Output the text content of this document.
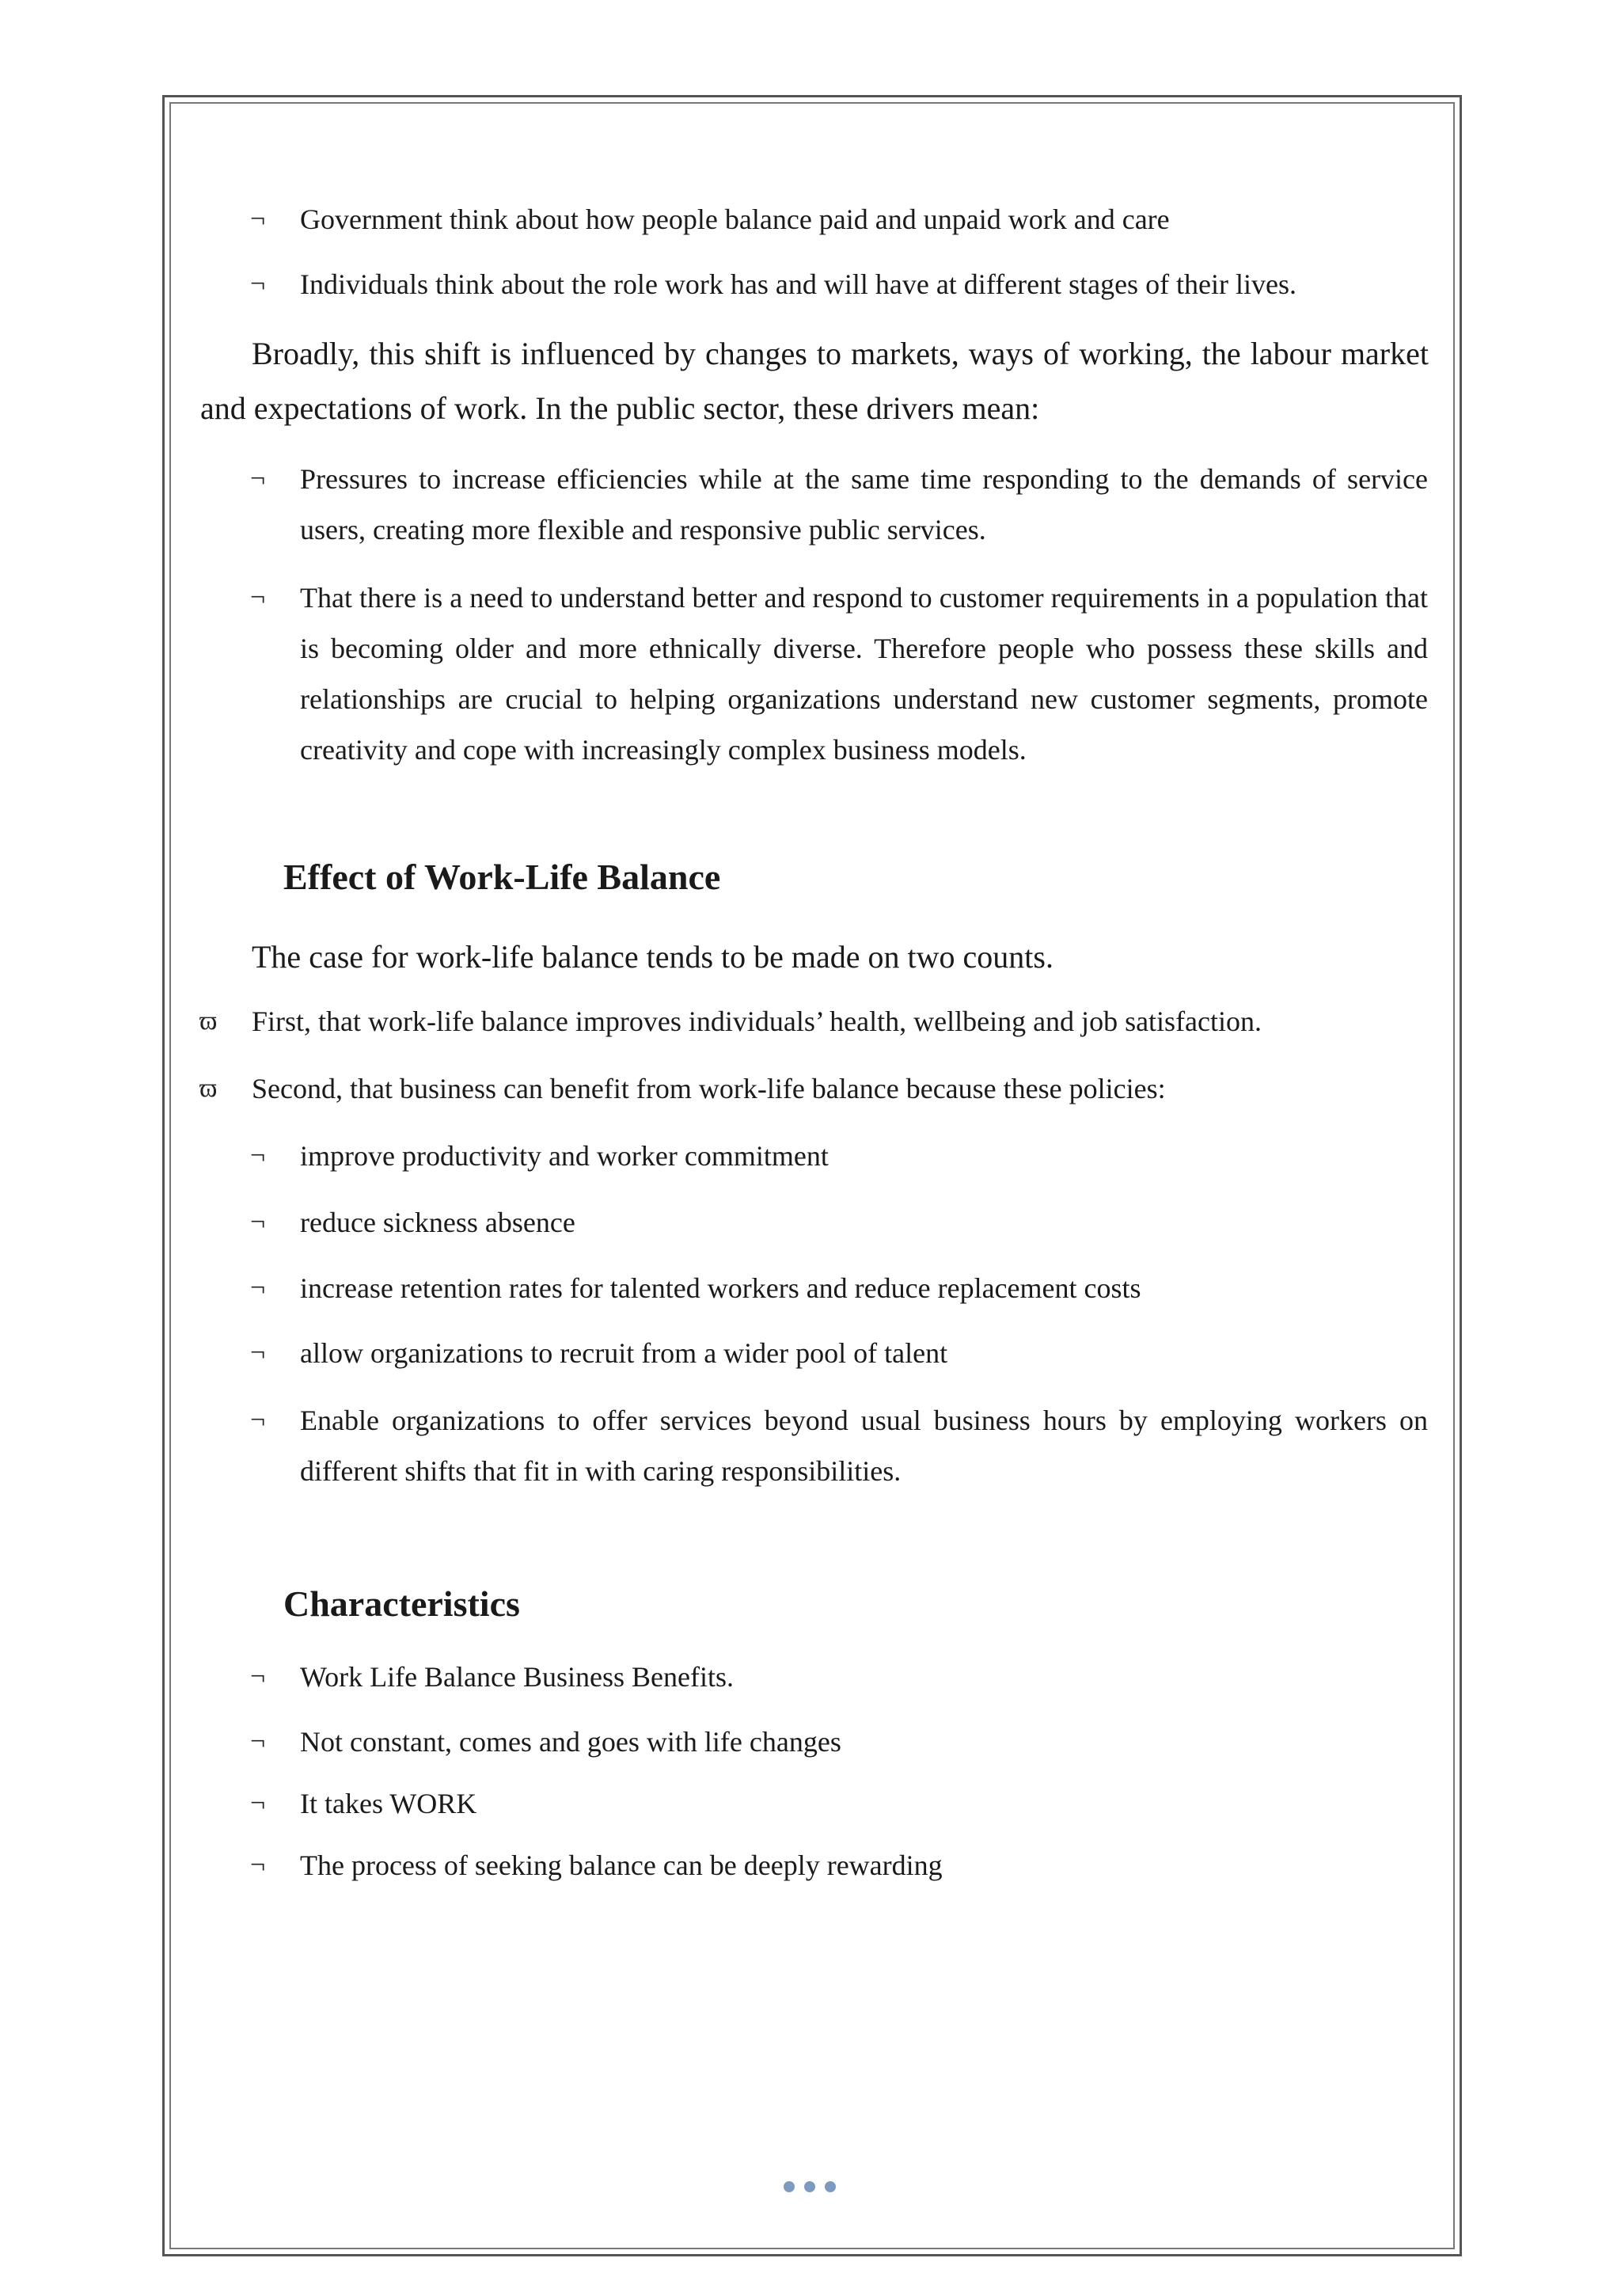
¬ Government think about how people balance paid and unpaid work and care
¬ Individuals think about the role work has and will have at different stages of their lives.
Broadly, this shift is influenced by changes to markets, ways of working, the labour market and expectations of work. In the public sector, these drivers mean:
¬ Pressures to increase efficiencies while at the same time responding to the demands of service users, creating more flexible and responsive public services.
¬ That there is a need to understand better and respond to customer requirements in a population that is becoming older and more ethnically diverse. Therefore people who possess these skills and relationships are crucial to helping organizations understand new customer segments, promote creativity and cope with increasingly complex business models.
Effect of Work-Life Balance
The case for work-life balance tends to be made on two counts.
ϖ First, that work-life balance improves individuals’ health, wellbeing and job satisfaction.
ϖ Second, that business can benefit from work-life balance because these policies:
¬ improve productivity and worker commitment
¬ reduce sickness absence
¬ increase retention rates for talented workers and reduce replacement costs
¬ allow organizations to recruit from a wider pool of talent
¬ Enable organizations to offer services beyond usual business hours by employing workers on different shifts that fit in with caring responsibilities.
Characteristics
¬ Work Life Balance Business Benefits.
¬ Not constant, comes and goes with life changes
¬ It takes WORK
¬ The process of seeking balance can be deeply rewarding
